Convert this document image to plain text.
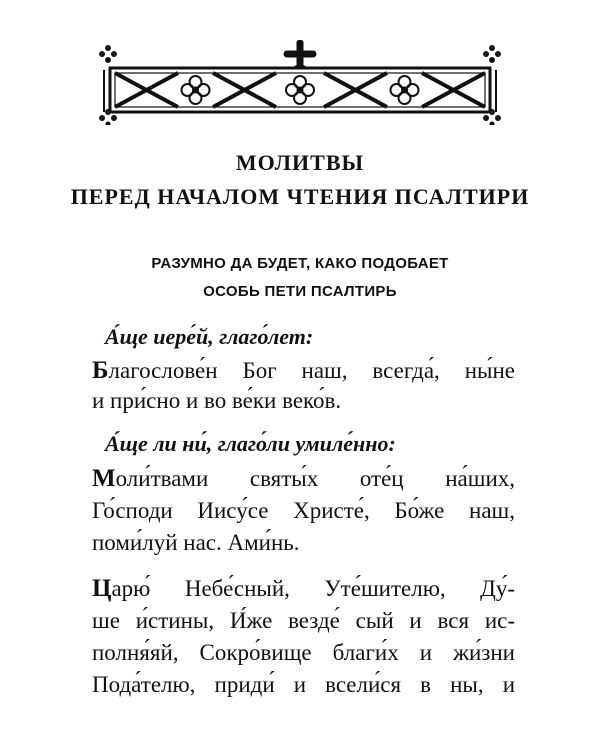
МОЛИТВЫ
ПЕРЕД НАЧАЛОМ ЧТЕНИЯ ПСАЛТИРИ
РАЗУМНО ДА БУДЕТ, КАКО ПОДОБАЕТ
ОСОБЬ ПЕТИ ПСАЛТИРЬ
А́ще иере́й, глаго́лет:
Благослове́н Бог наш, всегда́, ны́не
и при́сно и во ве́ки веко́в.
А́ще ли ни́, глаго́ли умиле́нно:
Моли́твами святы́х оте́ц на́ших,
Го́споди Иису́се Христе́, Бо́же наш,
поми́луй нас. Ами́нь.
Царю́ Небе́сный, Уте́шителю, Ду́-
ше и́стины, И́же везде́ сый и вся ис-
полня́яй, Сокро́вище благи́х и жи́зни
Пода́телю, приди́ и всели́ся в ны, и
